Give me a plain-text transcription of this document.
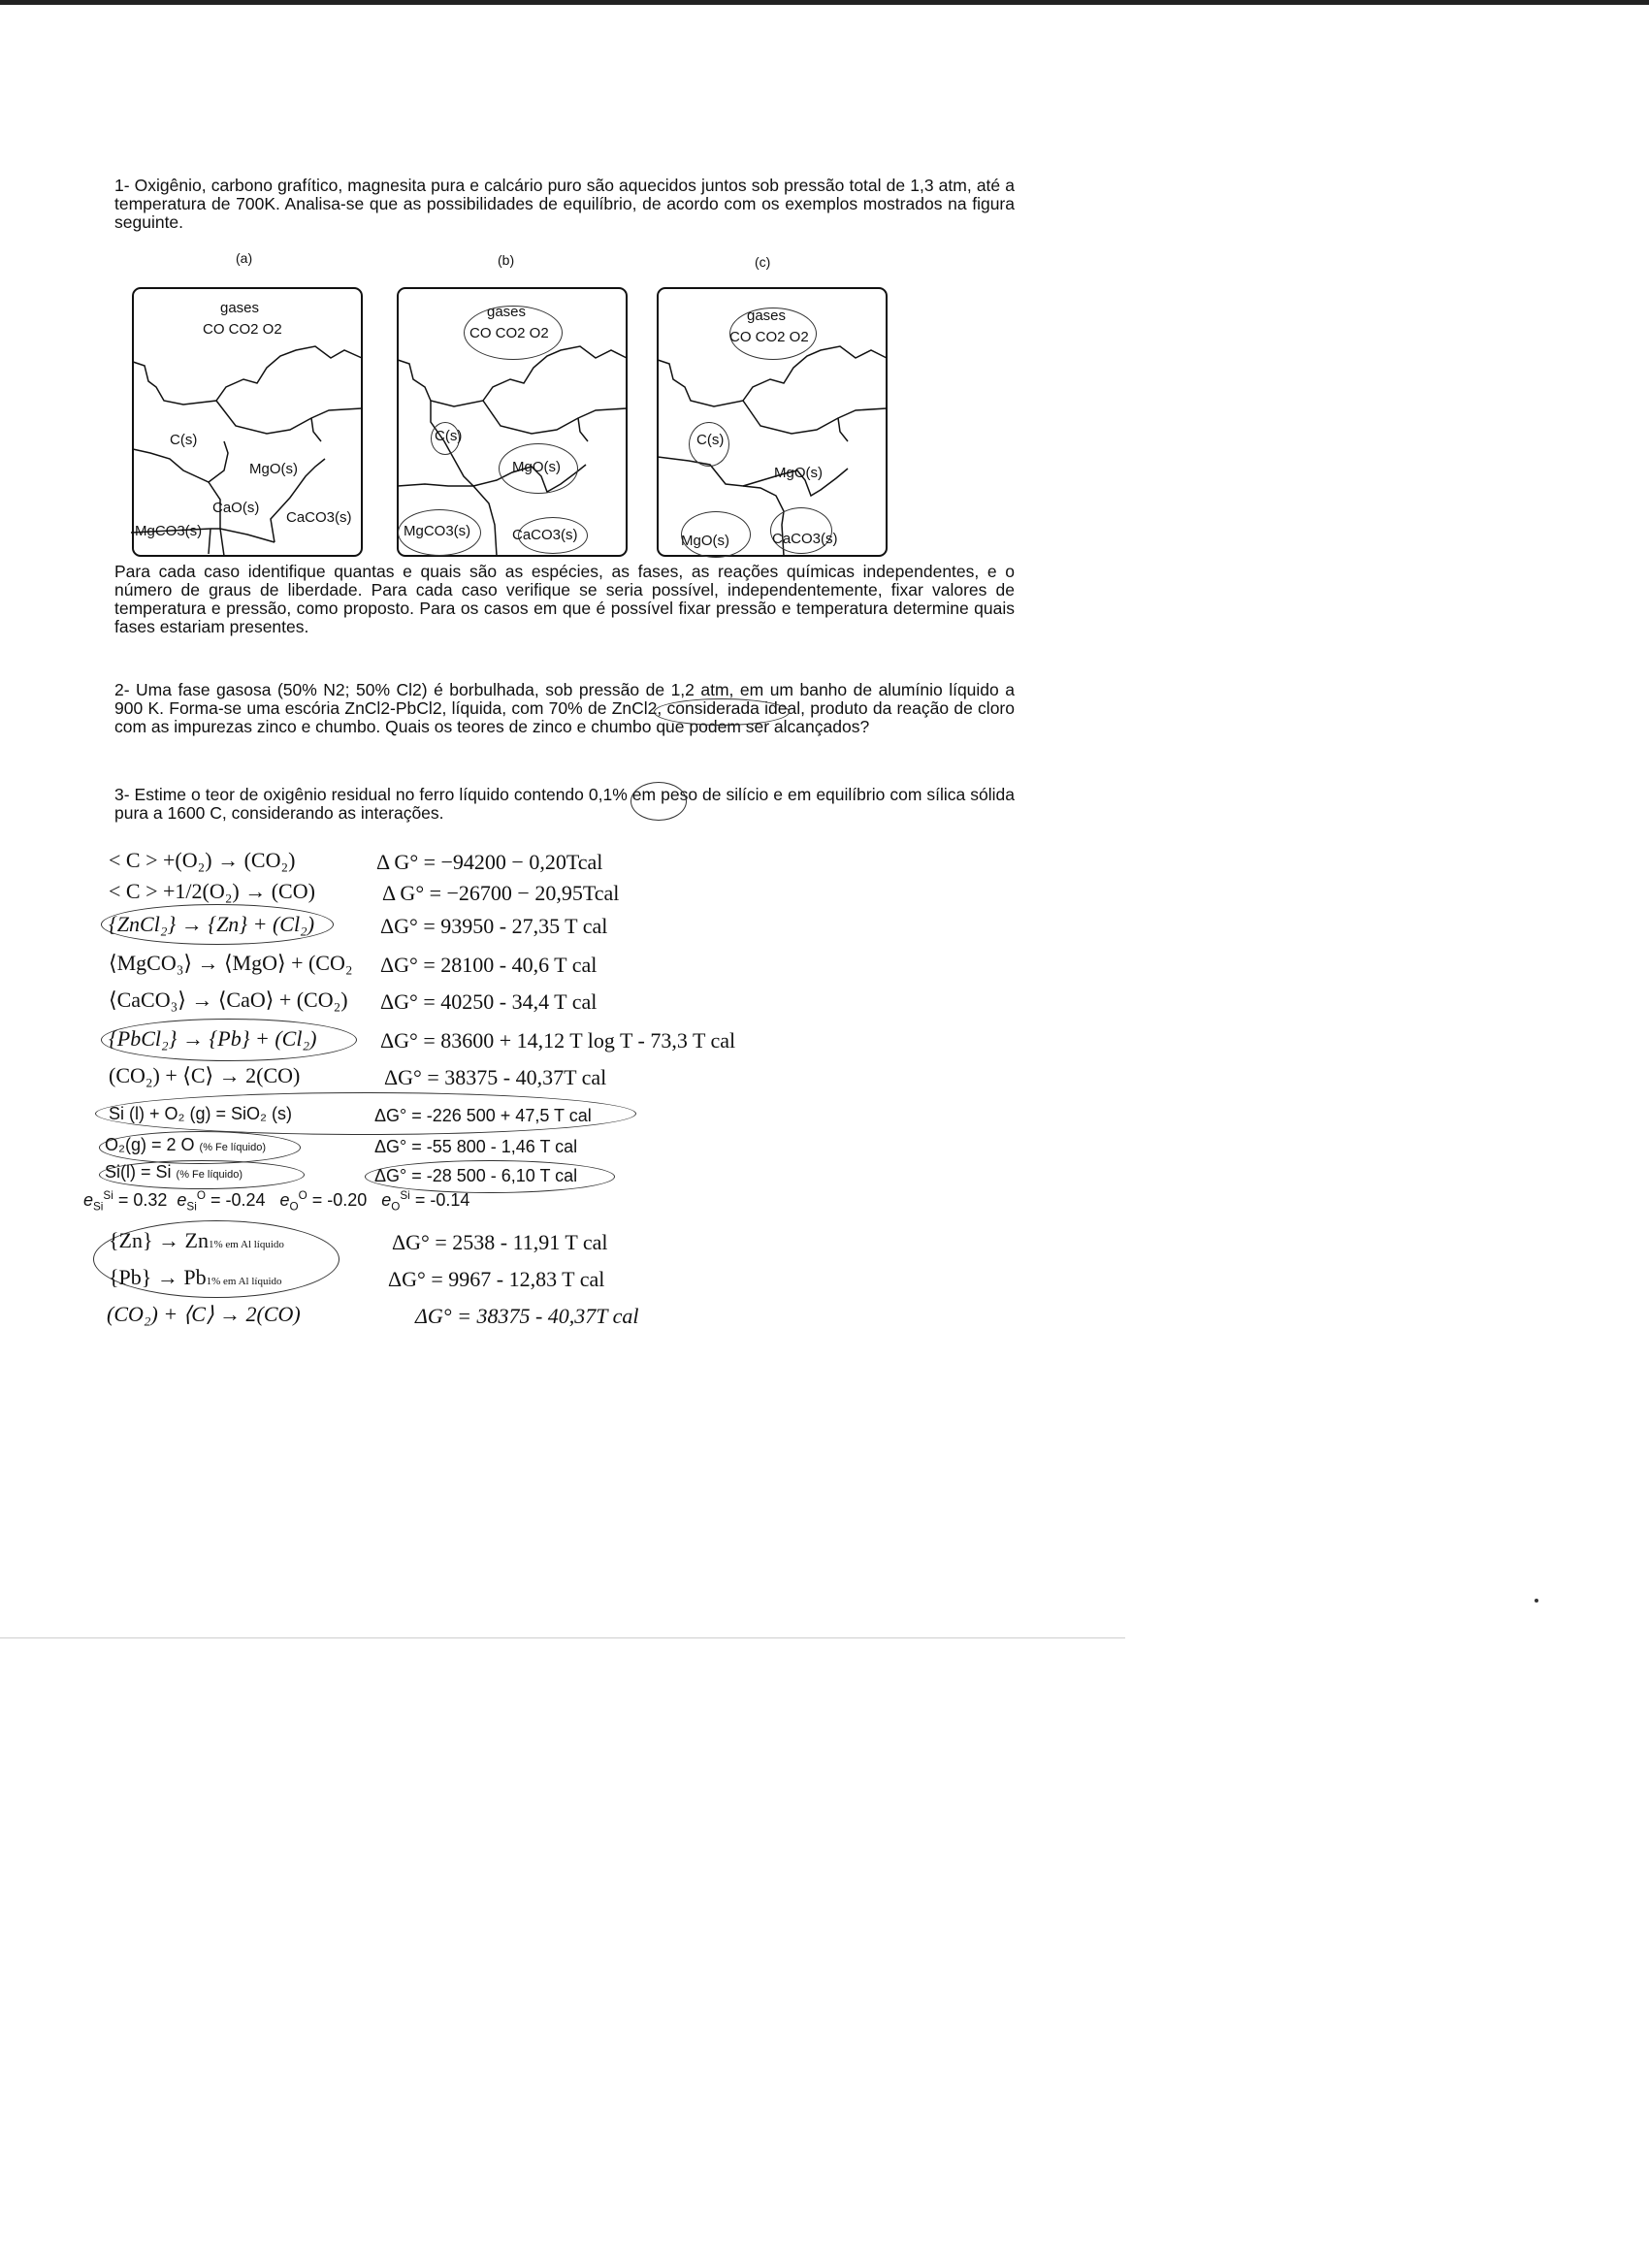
1- Oxigênio, carbono grafítico, magnesita pura e calcário puro são aquecidos juntos sob pressão total de 1,3 atm, até a temperatura de 700K. Analisa-se que as possibilidades de equilíbrio, de acordo com os exemplos mostrados na figura seguinte.
(a)	(b)	(c)
gases
CO CO2 O2
C(s)
MgO(s)
CaO(s)
CaCO3(s)
MgCO3(s)
gases
CO CO2 O2
C(s)
MgO(s)
MgCO3(s)	CaCO3(s)
gases
CO CO2 O2
C(s)
MgO(s)
MgO(s)	CaCO3(s)
Para cada caso identifique quantas e quais são as espécies, as fases, as reações químicas independentes, e o número de graus de liberdade. Para cada caso verifique se seria possível, independentemente, fixar valores de temperatura e pressão, como proposto. Para os casos em que é possível fixar pressão e temperatura determine quais fases estariam presentes.
2- Uma fase gasosa (50% N2; 50% Cl2) é borbulhada, sob pressão de 1,2 atm, em um banho de alumínio líquido a 900 K. Forma-se uma escória ZnCl2-PbCl2, líquida, com 70% de ZnCl2, considerada ideal, produto da reação de cloro com as impurezas zinco e chumbo. Quais os teores de zinco e chumbo que podem ser alcançados?
3- Estime o teor de oxigênio residual no ferro líquido contendo 0,1% em peso de silício e em equilíbrio com sílica sólida pura a 1600 C, considerando as interações.
< C > +(O₂) → (CO₂)	Δ G° = −94200 − 0,20Tcal
< C > +1/2(O₂) → (CO)	Δ G° = −26700 − 20,95Tcal
{ZnCl₂} → {Zn} + (Cl₂)	ΔG° = 93950 - 27,35 T cal
⟨MgCO₃⟩ → ⟨MgO⟩ + (CO₂ ΔG° = 28100 - 40,6 T cal
⟨CaCO₃⟩ → ⟨CaO⟩ + (CO₂) ΔG° = 40250 - 34,4 T cal
{PbCl₂} → {Pb} + (Cl₂)	ΔG° = 83600 + 14,12 T log T - 73,3 T cal
(CO₂) + ⟨C⟩ → 2(CO)	ΔG° = 38375 - 40,37T cal
Si (l) + O₂ (g) = SiO₂ (s)	ΔG° = -226 500 + 47,5 T cal
O₂(g) = 2 O (% Fe líquido)	ΔG° = -55 800 - 1,46 T cal
Si(l) = Si (% Fe líquido)	ΔG° = -28 500 - 6,10 T cal
$e_{Si}^{Si} = 0.32$ $e_{Si}^O = -0.24$ $e_O^O = -0.20$ $e_O^{Si} = -0.14$
{Zn} → Zn1% em Al líquido	ΔG° = 2538 - 11,91 T cal
{Pb} → Pb1% em Al líquido	ΔG° = 9967 - 12,83 T cal
(CO₂) + ⟨C⟩ → 2(CO)	ΔG° = 38375 - 40,37T cal
